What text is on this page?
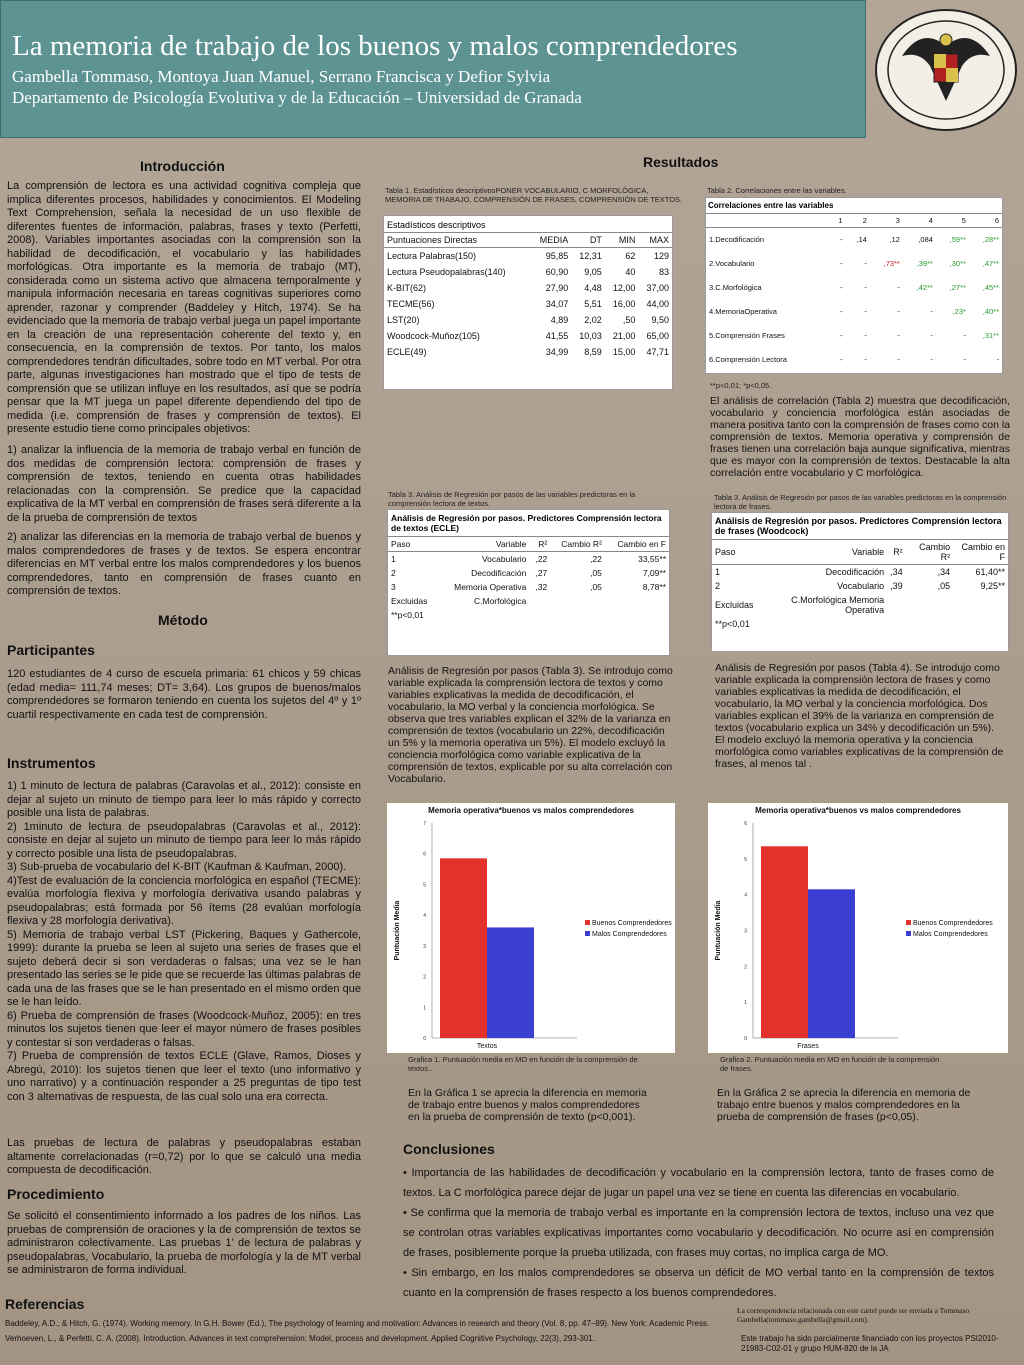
La memoria de trabajo de los buenos y malos comprendedores
Gambella Tommaso, Montoya Juan Manuel, Serrano Francisca y Defior Sylvia
Departamento de Psicología Evolutiva y de la Educación – Universidad de Granada
Introducción
La comprensión de lectora es una actividad cognitiva compleja que implica diferentes procesos, habilidades y conocimientos. El Modeling Text Comprehension, señala la necesidad de un uso flexible de diferentes fuentes de información, palabras, frases y texto (Perfetti, 2008). Variables importantes asociadas con la comprensión son la habilidad de decodificación, el vocabulario y las habilidades morfológicas. Otra importante es la memoria de trabajo (MT), considerada como un sistema activo que almacena temporalmente y manipula información necesaria en tareas cognitivas superiores como aprender, razonar y comprender (Baddeley y Hitch, 1974). Se ha evidenciado que la memoria de trabajo verbal juega un papel importante en la creación de una representación coherente del texto y, en consecuencia, en la comprensión de textos. Por tanto, los malos comprendedores tendrán dificultades, sobre todo en MT verbal. Por otra parte, algunas investigaciones han mostrado que el tipo de tests de comprensión que se utilizan influye en los resultados, así que se podría pensar que la MT juega un papel diferente dependiendo del tipo de medida (i.e. comprensión de frases y comprensión de textos). El presente estudio tiene como principales objetivos:
1) analizar la influencia de la memoria de trabajo verbal en función de dos medidas de comprensión lectora: comprensión de frases y comprensión de textos, teniendo en cuenta otras habilidades relacionadas con la comprensión. Se predice que la capacidad explicativa de la MT verbal en comprensión de frases será diferente a la de la prueba de comprensión de textos
2) analizar las diferencias en la memoria de trabajo verbal de buenos y malos comprendedores de frases y de textos. Se espera encontrar diferencias en MT verbal entre los malos comprendedores y los buenos comprendedores, tanto en comprensión de frases cuanto en comprensión de textos.
Método
Participantes
120 estudiantes de 4 curso de escuela primaria: 61 chicos y 59 chicas (edad media= 111,74 meses; DT= 3,64). Los grupos de buenos/malos comprendedores se formaron teniendo en cuenta los sujetos del 4º y 1º cuartil respectivamente en cada test de comprensión.
Instrumentos
1) 1 minuto de lectura de palabras (Caravolas et al., 2012): consiste en dejar al sujeto un minuto de tiempo para leer lo más rápido y correcto posible una lista de palabras.
2) 1minuto de lectura de pseudopalabras (Caravolas et al., 2012): consiste en dejar al sujeto un minuto de tiempo para leer lo más rápido y correcto posible una lista de pseudopalabras.
3) Sub-prueba de vocabulario del K-BIT (Kaufman & Kaufman, 2000).
4)Test de evaluación de la conciencia morfológica en español (TECME): evalúa morfología flexiva y morfología derivativa usando palabras y pseudopalabras; está formada por 56 ítems (28 evalúan morfología flexiva y 28 morfología derivativa).
5) Memoria de trabajo verbal LST (Pickering, Baques y Gathercole, 1999): durante la prueba se leen al sujeto una series de frases que el sujeto deberá decir si son verdaderas o falsas; una vez se le han presentado las series se le pide que se recuerde las últimas palabras de cada una de las frases que se le han presentado en el mismo orden que se le han leído.
6) Prueba de comprensión de frases (Woodcock-Muñoz, 2005): en tres minutos los sujetos tienen que leer el mayor número de frases posibles y contestar si son verdaderas o falsas.
7) Prueba de comprensión de textos ECLE (Glave, Ramos, Dioses y Abregú, 2010): los sujetos tienen que leer el texto (uno informativo y uno narrativo) y a continuación responder a 25 preguntas de tipo test con 3 alternativas de respuesta, de las cual solo una era correcta.
Las pruebas de lectura de palabras y pseudopalabras estaban altamente correlacionadas (r=0,72) por lo que se calculó una media compuesta de decodificación.
Procedimiento
Se solicitó el consentimiento informado a los padres de los niños. Las pruebas de comprensión de oraciones y la de comprensión de textos se administraron colectivamente. Las pruebas 1’ de lectura de palabras y pseudopalabras, Vocabulario, la prueba de morfología y la de MT verbal se administraron de forma individual.
Referencias
Baddeley, A.D., & Hitch, G. (1974). Working memory. In G.H. Bower (Ed.), The psychology of learning and motivation: Advances in research and theory (Vol. 8, pp. 47–89). New York: Academic Press.
Verhoeven, L., & Perfetti, C. A. (2008). Introduction. Advances in text comprehension: Model, process and development. Applied Cognitive Psychology, 22(3), 293-301.
Resultados
Tabla 1. Estadísticos descriptivosPONER VOCABULARIO, C MORFOLÓGICA, MEMORIA DE TRABAJO, COMPRENSIÓN DE FRASES, COMPRENSIÓN DE TEXTOS.
Estadísticos descriptivos
Puntuaciones Directas	MEDIA	DT	MIN	MAX
Lectura Palabras(150)	95,85	12,31	62	129
Lectura Pseudopalabras(140)	60,90	9,05	40	83
K-BIT(62)	27,90	4,48	12,00	37,00
TECME(56)	34,07	5,51	16,00	44,00
LST(20)	4,89	2,02	,50	9,50
Woodcock-Muñoz(105)	41,55	10,03	21,00	65,00
ECLE(49)	34,99	8,59	15,00	47,71
Tabla 2. Correlaciones entre las variables.
Correlaciones entre las variables
	1	2	3	4	5	6
1.Decodificación	-	,14	,12	,084	,59**	,28**
2.Vocabulario	-	-	,73**	,39**	,30**	,47**
3.C.Morfológica	-	-	-	,42**	,27**	,45**
4.MemoriaOperativa	-	-	-	-	,23*	,40**
5.Comprensión Frases	-	-	-	-	-	,31**
6.Comprensión Lectora	-	-	-	-	-	-
**p<0,01; *p<0,05.
El análisis de correlación (Tabla 2) muestra que decodificación, vocabulario y conciencia morfológica están asociadas de manera positiva tanto con la comprensión de frases como con la comprensión de textos. Memoria operativa y comprensión de frases tienen una correlación baja aunque significativa, mientras que es mayor con la comprensión de textos. Destacable la alta correlación entre vocabulario y C morfológica.
Tabla 3. Análisis de Regresión por pasos de las variables predictoras en la comprensión lectora de textos.
Análisis de Regresión por pasos. Predictores Comprensión lectora de textos (ECLE)
Paso	Variable	R²	Cambio R²	Cambio en F
1	Vocabulario	,22	,22	33,55**
2	Decodificación	,27	,05	7,09**
3	Memoria Operativa	,32	,05	8,78**
Excluidas	C.Morfológica			
**p<0,01				
Análisis de Regresión por pasos (Tabla 3). Se introdujo como variable explicada la comprensión lectora de textos y como variables explicativas la medida de decodificación, el vocabulario, la MO verbal y la conciencia morfológica. Se observa que tres variables explican el 32% de la varianza en comprensión de textos (vocabulario un 22%, decodificación un 5% y la memoria operativa un 5%). El modelo excluyó la conciencia morfológica como variable explicativa de la comprensión de textos, explicable por su alta correlación con Vocabulario.
Tabla 3. Análisis de Regresión por pasos de las variables predictoras en la comprensión lectora de frases.
Análisis de Regresión por pasos. Predictores Comprensión lectora de frases (Woodcock)
Paso	Variable	R²	Cambio R²	Cambio en F
1	Decodificación	,34	,34	61,40**
2	Vocabulario	,39	,05	9,25**
Excluidas	C.Morfológica Memoria Operativa			
**p<0,01				
Análisis de Regresión por pasos (Tabla 4). Se introdujo como variable explicada la comprensión lectora de frases y como variables explicativas la medida de decodificación, el vocabulario, la MO verbal y la conciencia morfológica. Dos variables explican el 39% de la varianza en comprensión de textos (vocabulario explica un 34% y decodificación un 5%). El modelo excluyó la memoria operativa y la conciencia morfológica como variables explicativas de la comprensión de frases, al menos tal .
Memoria operativa*buenos vs malos comprendedores
0
1
2
3
4
5
6
7
Puntuación Media	Buenos Comprendedores
Malos Comprendedores
Textos
Memoria operativa*buenos vs malos comprendedores
0
1
2
3
4
5
6
Puntuación Media	Buenos Comprendedores
Malos Comprendedores
Frases
Grafica 1. Puntuación media en MO en función de la comprensión de textos..
Grafica 2. Puntuación media en MO en función de la comprensión de frases.
En la Gráfica 1 se aprecia la diferencia en memoria de trabajo entre buenos y malos comprendedores en la prueba de comprensión de texto (p<0,001).
En la Gráfica 2 se aprecia la diferencia en memoria de trabajo entre buenos y malos comprendedores en la prueba de comprensión de frases (p<0,05).
Conclusiones
• Importancia de las habilidades de decodificación y vocabulario en la comprensión lectora, tanto de frases como de textos. La C morfológica parece dejar de jugar un papel una vez se tiene en cuenta las diferencias en vocabulario.
• Se confirma que la memoria de trabajo verbal es importante en la comprensión lectora de textos, incluso una vez que se controlan otras variables explicativas importantes como vocabulario y decodificación. No ocurre así en comprensión de frases, posiblemente porque la prueba utilizada, con frases muy cortas, no implica carga de MO.
• Sin embargo, en los malos comprendedores se observa un déficit de MO verbal tanto en la comprensión de textos cuanto en la comprensión de frases respecto a los buenos comprendedores.
La correspondencia relacionada con este cartel puede ser enviada a Tommaso Gambella(tommaso.gambella@gmail.com).
Este trabajo ha sido parcialmente financiado con los proyectos PSI2010-21983-C02-01 y grupo HUM-820 de la JA
